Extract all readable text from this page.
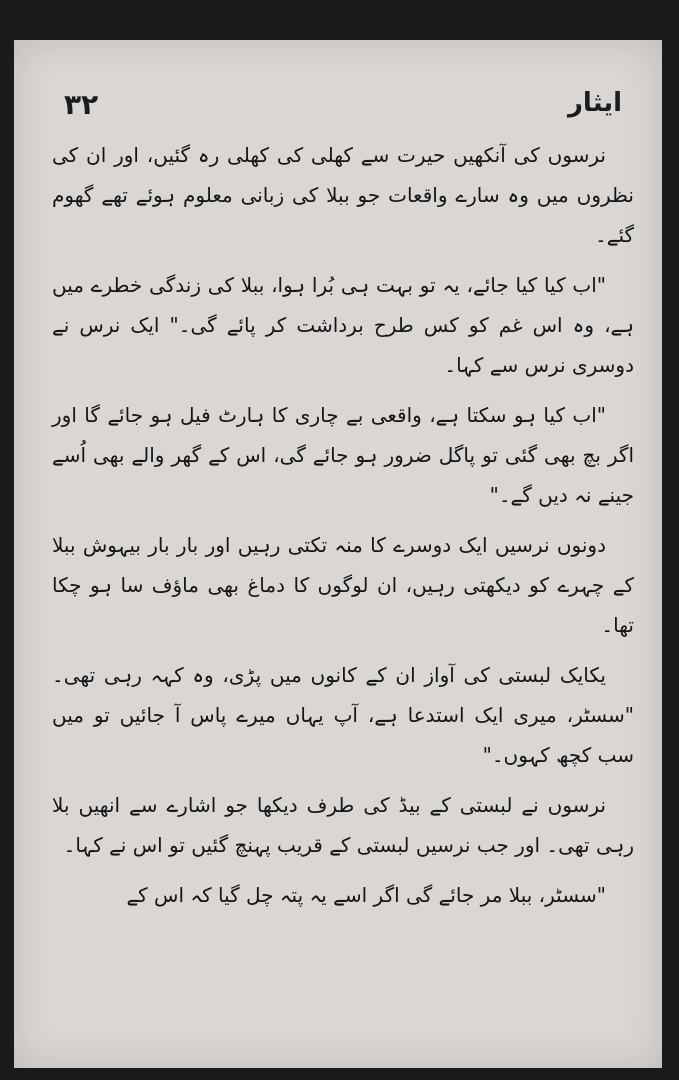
۳۲	ایثار

نرسوں کی آنکھیں حیرت سے کھلی کی کھلی رہ گئیں، اور ان کی نظروں میں وہ سارے واقعات جو ببلا کی زبانی معلوم ہوئے تھے گھوم گئے۔

"اب کیا کیا جائے، یہ تو بہت ہی بُرا ہوا، ببلا کی زندگی خطرے میں ہے، وہ اس غم کو کس طرح برداشت کر پائے گی۔" ایک نرس نے دوسری نرس سے کہا۔

"اب کیا ہو سکتا ہے، واقعی بے چاری کا ہارٹ فیل ہو جائے گا اور اگر بچ بھی گئی تو پاگل ضرور ہو جائے گی، اس کے گھر والے بھی اُسے جینے نہ دیں گے۔"

دونوں نرسیں ایک دوسرے کا منہ تکتی رہیں اور بار بار بیہوش ببلا کے چہرے کو دیکھتی رہیں، ان لوگوں کا دماغ بھی ماؤف سا ہو چکا تھا۔

یکایک لبستی کی آواز ان کے کانوں میں پڑی، وہ کہہ رہی تھی۔ "سسٹر، میری ایک استدعا ہے، آپ یہاں میرے پاس آ جائیں تو میں سب کچھ کہوں۔"

نرسوں نے لبستی کے بیڈ کی طرف دیکھا جو اشارے سے انھیں بلا رہی تھی۔ اور جب نرسیں لبستی کے قریب پہنچ گئیں تو اس نے کہا۔

"سسٹر، ببلا مر جائے گی اگر اسے یہ پتہ چل گیا کہ اس کے
